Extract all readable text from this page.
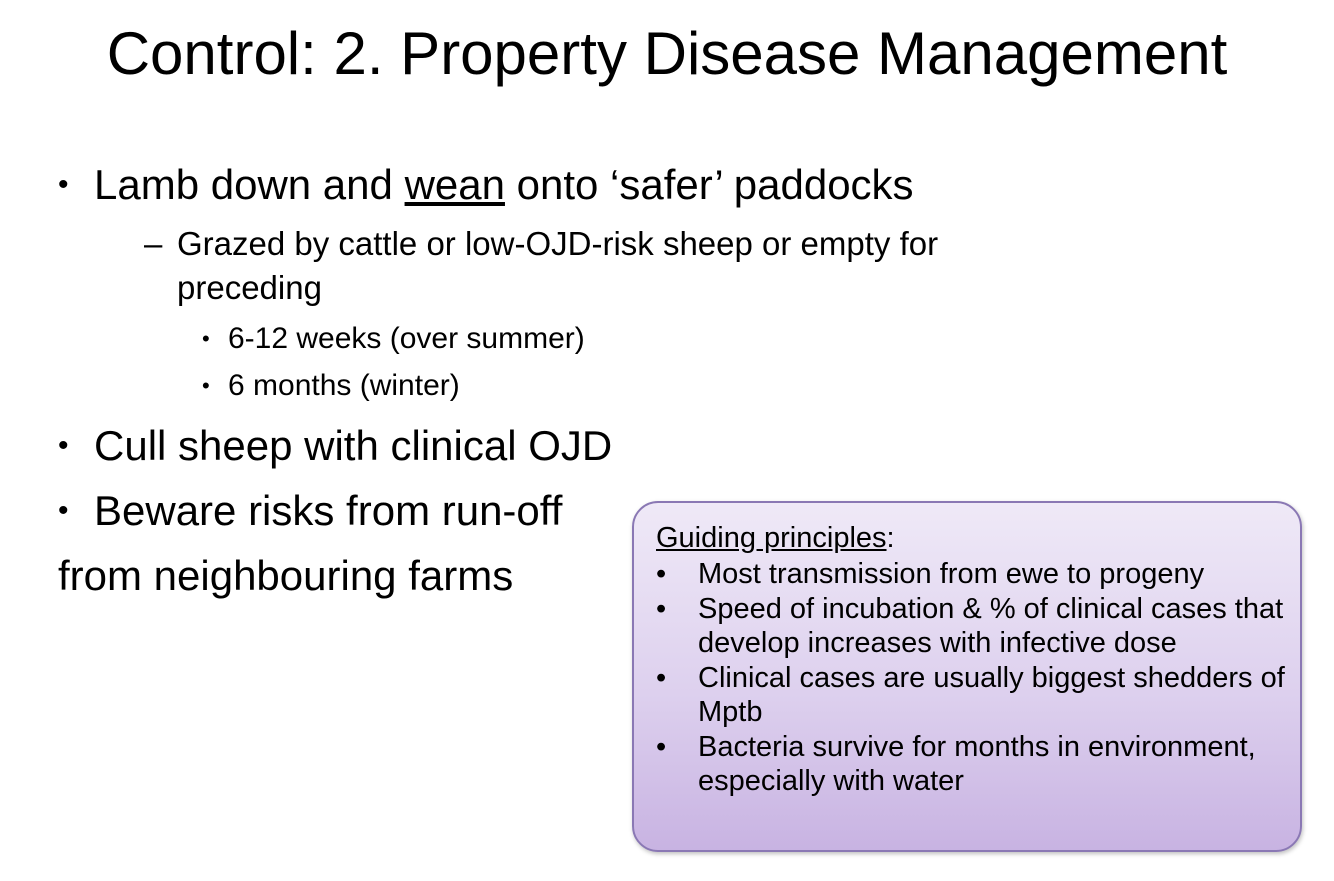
Control: 2. Property Disease Management
• Lamb down and wean onto ‘safer’ paddocks
– Grazed by cattle or low-OJD-risk sheep or empty for
preceding
• 6-12 weeks (over summer)
• 6 months (winter)
• Cull sheep with clinical OJD
• Beware risks from run-off
from neighbouring farms
Guiding principles:
• Most transmission from ewe to progeny
• Speed of incubation & % of clinical cases that develop increases with infective dose
• Clinical cases are usually biggest shedders of Mptb
• Bacteria survive for months in environment, especially with water
